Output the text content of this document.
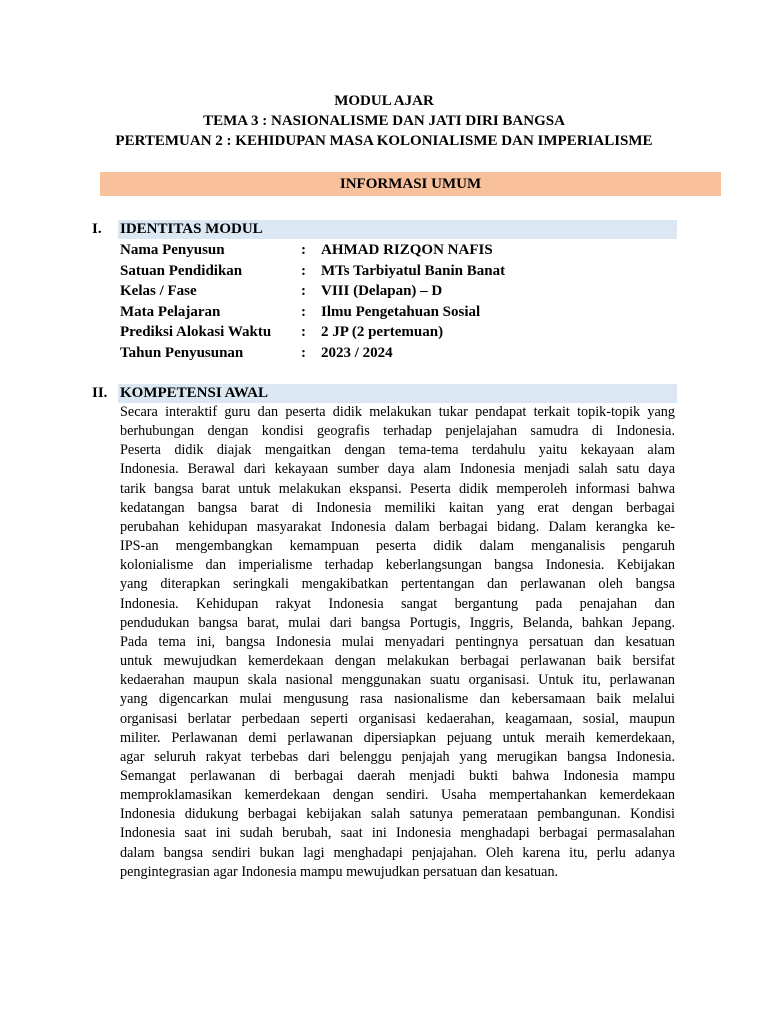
MODUL AJAR
TEMA 3 : NASIONALISME DAN JATI DIRI BANGSA
PERTEMUAN 2 : KEHIDUPAN MASA KOLONIALISME DAN IMPERIALISME
INFORMASI UMUM
I. IDENTITAS MODUL
Nama Penyusun	: AHMAD RIZQON NAFIS
Satuan Pendidikan	: MTs Tarbiyatul Banin Banat
Kelas / Fase	: VIII (Delapan) – D
Mata Pelajaran	: Ilmu Pengetahuan Sosial
Prediksi Alokasi Waktu : 2 JP (2 pertemuan)
Tahun Penyusunan	: 2023 / 2024
II. KOMPETENSI AWAL
Secara interaktif guru dan peserta didik melakukan tukar pendapat terkait topik-topik yang
berhubungan dengan kondisi geografis terhadap penjelajahan samudra di Indonesia.
Peserta didik diajak mengaitkan dengan tema-tema terdahulu yaitu kekayaan alam
Indonesia. Berawal dari kekayaan sumber daya alam Indonesia menjadi salah satu daya
tarik bangsa barat untuk melakukan ekspansi. Peserta didik memperoleh informasi bahwa
kedatangan bangsa barat di Indonesia memiliki kaitan yang erat dengan berbagai
perubahan kehidupan masyarakat Indonesia dalam berbagai bidang. Dalam kerangka ke-
IPS-an mengembangkan kemampuan peserta didik dalam menganalisis pengaruh
kolonialisme dan imperialisme terhadap keberlangsungan bangsa Indonesia. Kebijakan
yang diterapkan seringkali mengakibatkan pertentangan dan perlawanan oleh bangsa
Indonesia. Kehidupan rakyat Indonesia sangat bergantung pada penajahan dan
pendudukan bangsa barat, mulai dari bangsa Portugis, Inggris, Belanda, bahkan Jepang.
Pada tema ini, bangsa Indonesia mulai menyadari pentingnya persatuan dan kesatuan
untuk mewujudkan kemerdekaan dengan melakukan berbagai perlawanan baik bersifat
kedaerahan maupun skala nasional menggunakan suatu organisasi. Untuk itu, perlawanan
yang digencarkan mulai mengusung rasa nasionalisme dan kebersamaan baik melalui
organisasi berlatar perbedaan seperti organisasi kedaerahan, keagamaan, sosial, maupun
militer. Perlawanan demi perlawanan dipersiapkan pejuang untuk meraih kemerdekaan,
agar seluruh rakyat terbebas dari belenggu penjajah yang merugikan bangsa Indonesia.
Semangat perlawanan di berbagai daerah menjadi bukti bahwa Indonesia mampu
memproklamasikan kemerdekaan dengan sendiri. Usaha mempertahankan kemerdekaan
Indonesia didukung berbagai kebijakan salah satunya pemerataan pembangunan. Kondisi
Indonesia saat ini sudah berubah, saat ini Indonesia menghadapi berbagai permasalahan
dalam bangsa sendiri bukan lagi menghadapi penjajahan. Oleh karena itu, perlu adanya
pengintegrasian agar Indonesia mampu mewujudkan persatuan dan kesatuan.
